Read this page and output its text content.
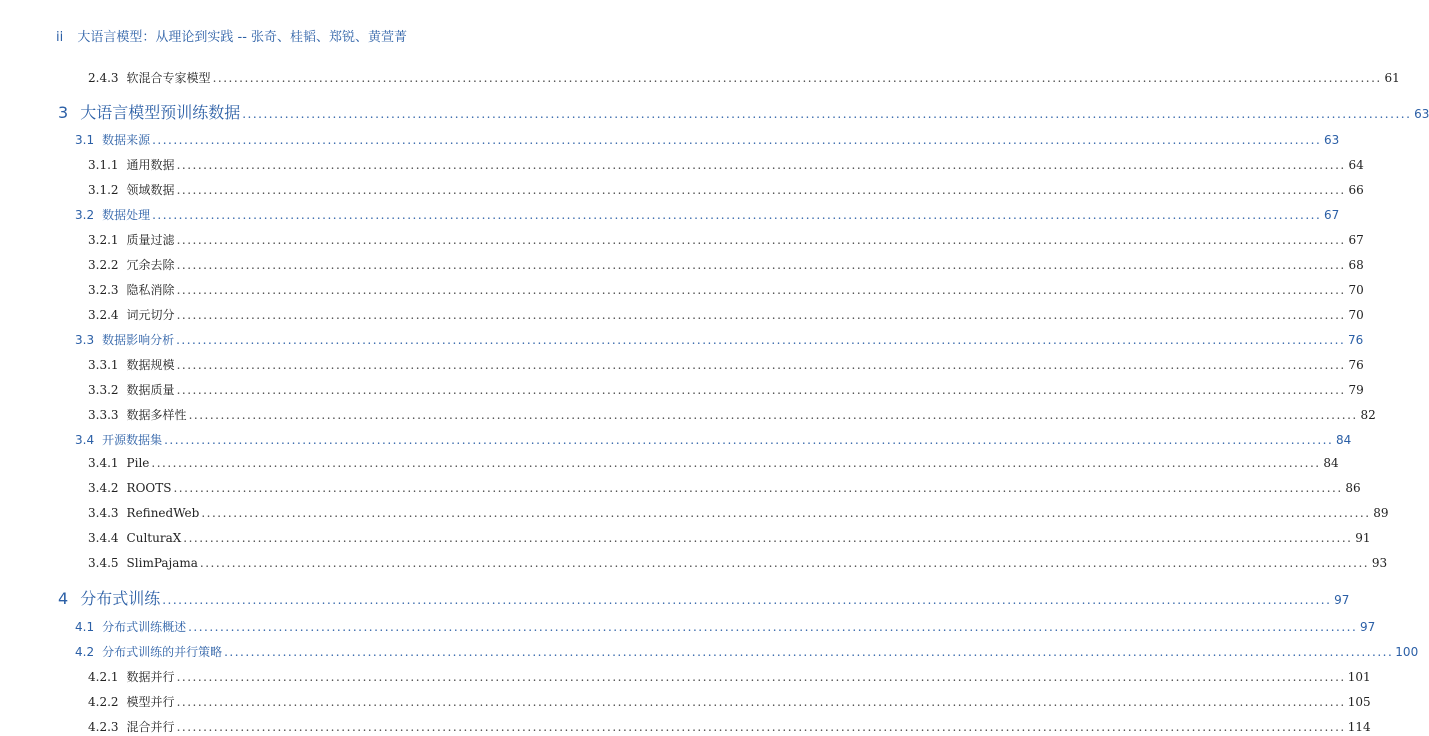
ii 大语言模型：从理论到实践 -- 张奇、桂韬、郑锐、黄萱菁
2.4.3 软混合专家模型 ............................................................................................................................................................................................................................ 61
3 大语言模型预训练数据 ............................................................................................................................................................................................................................ 63
3.1 数据来源 ............................................................................................................................................................................................................................ 63
3.1.1 通用数据 ............................................................................................................................................................................................................................ 64
3.1.2 领域数据 ............................................................................................................................................................................................................................ 66
3.2 数据处理 ............................................................................................................................................................................................................................ 67
3.2.1 质量过滤 ............................................................................................................................................................................................................................ 67
3.2.2 冗余去除 ............................................................................................................................................................................................................................ 68
3.2.3 隐私消除 ............................................................................................................................................................................................................................ 70
3.2.4 词元切分 ............................................................................................................................................................................................................................ 70
3.3 数据影响分析 ............................................................................................................................................................................................................................ 76
3.3.1 数据规模 ............................................................................................................................................................................................................................ 76
3.3.2 数据质量 ............................................................................................................................................................................................................................ 79
3.3.3 数据多样性 ............................................................................................................................................................................................................................ 82
3.4 开源数据集 ............................................................................................................................................................................................................................ 84
3.4.1 Pile ............................................................................................................................................................................................................................ 84
3.4.2 ROOTS ............................................................................................................................................................................................................................ 86
3.4.3 RefinedWeb ............................................................................................................................................................................................................................ 89
3.4.4 CulturaX ............................................................................................................................................................................................................................ 91
3.4.5 SlimPajama ............................................................................................................................................................................................................................ 93
4 分布式训练 ............................................................................................................................................................................................................................ 97
4.1 分布式训练概述 ............................................................................................................................................................................................................................ 97
4.2 分布式训练的并行策略 ............................................................................................................................................................................................................................ 100
4.2.1 数据并行 ............................................................................................................................................................................................................................ 101
4.2.2 模型并行 ............................................................................................................................................................................................................................ 105
4.2.3 混合并行 ............................................................................................................................................................................................................................ 114
